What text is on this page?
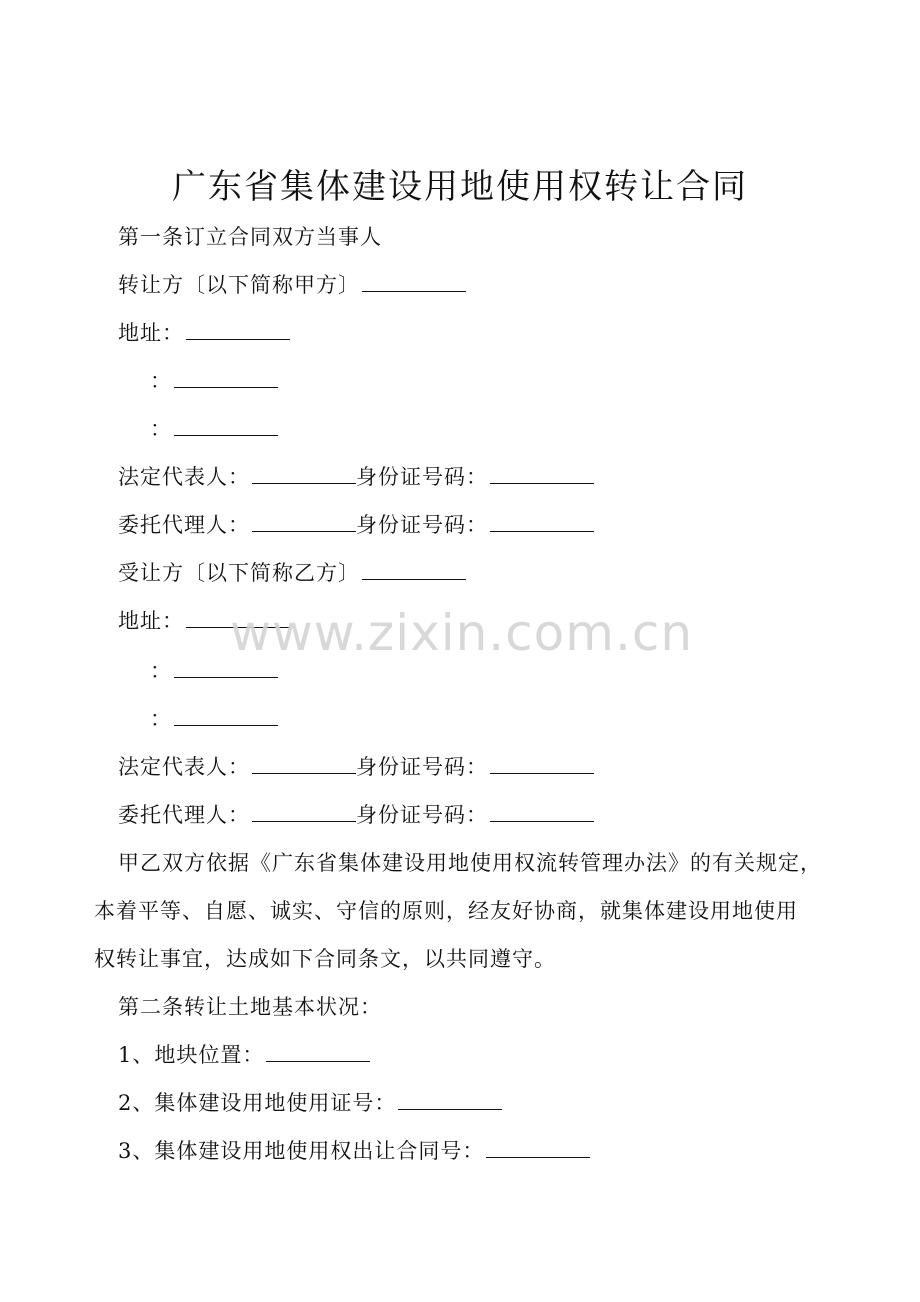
广东省集体建设用地使用权转让合同
第一条订立合同双方当事人
转让方〔以下简称甲方〕
地址：
：
：
法定代表人：	身份证号码：
委托代理人：	身份证号码：
受让方〔以下简称乙方〕
地址：
：
：
法定代表人：	身份证号码：
委托代理人：	身份证号码：
甲乙双方依据《广东省集体建设用地使用权流转管理办法》的有关规定，
本着平等、自愿、诚实、守信的原则，经友好协商，就集体建设用地使用
权转让事宜，达成如下合同条文，以共同遵守。
第二条转让土地基本状况：
1、地块位置：
2、集体建设用地使用证号：
3、集体建设用地使用权出让合同号：
www.zixin.com.cn
